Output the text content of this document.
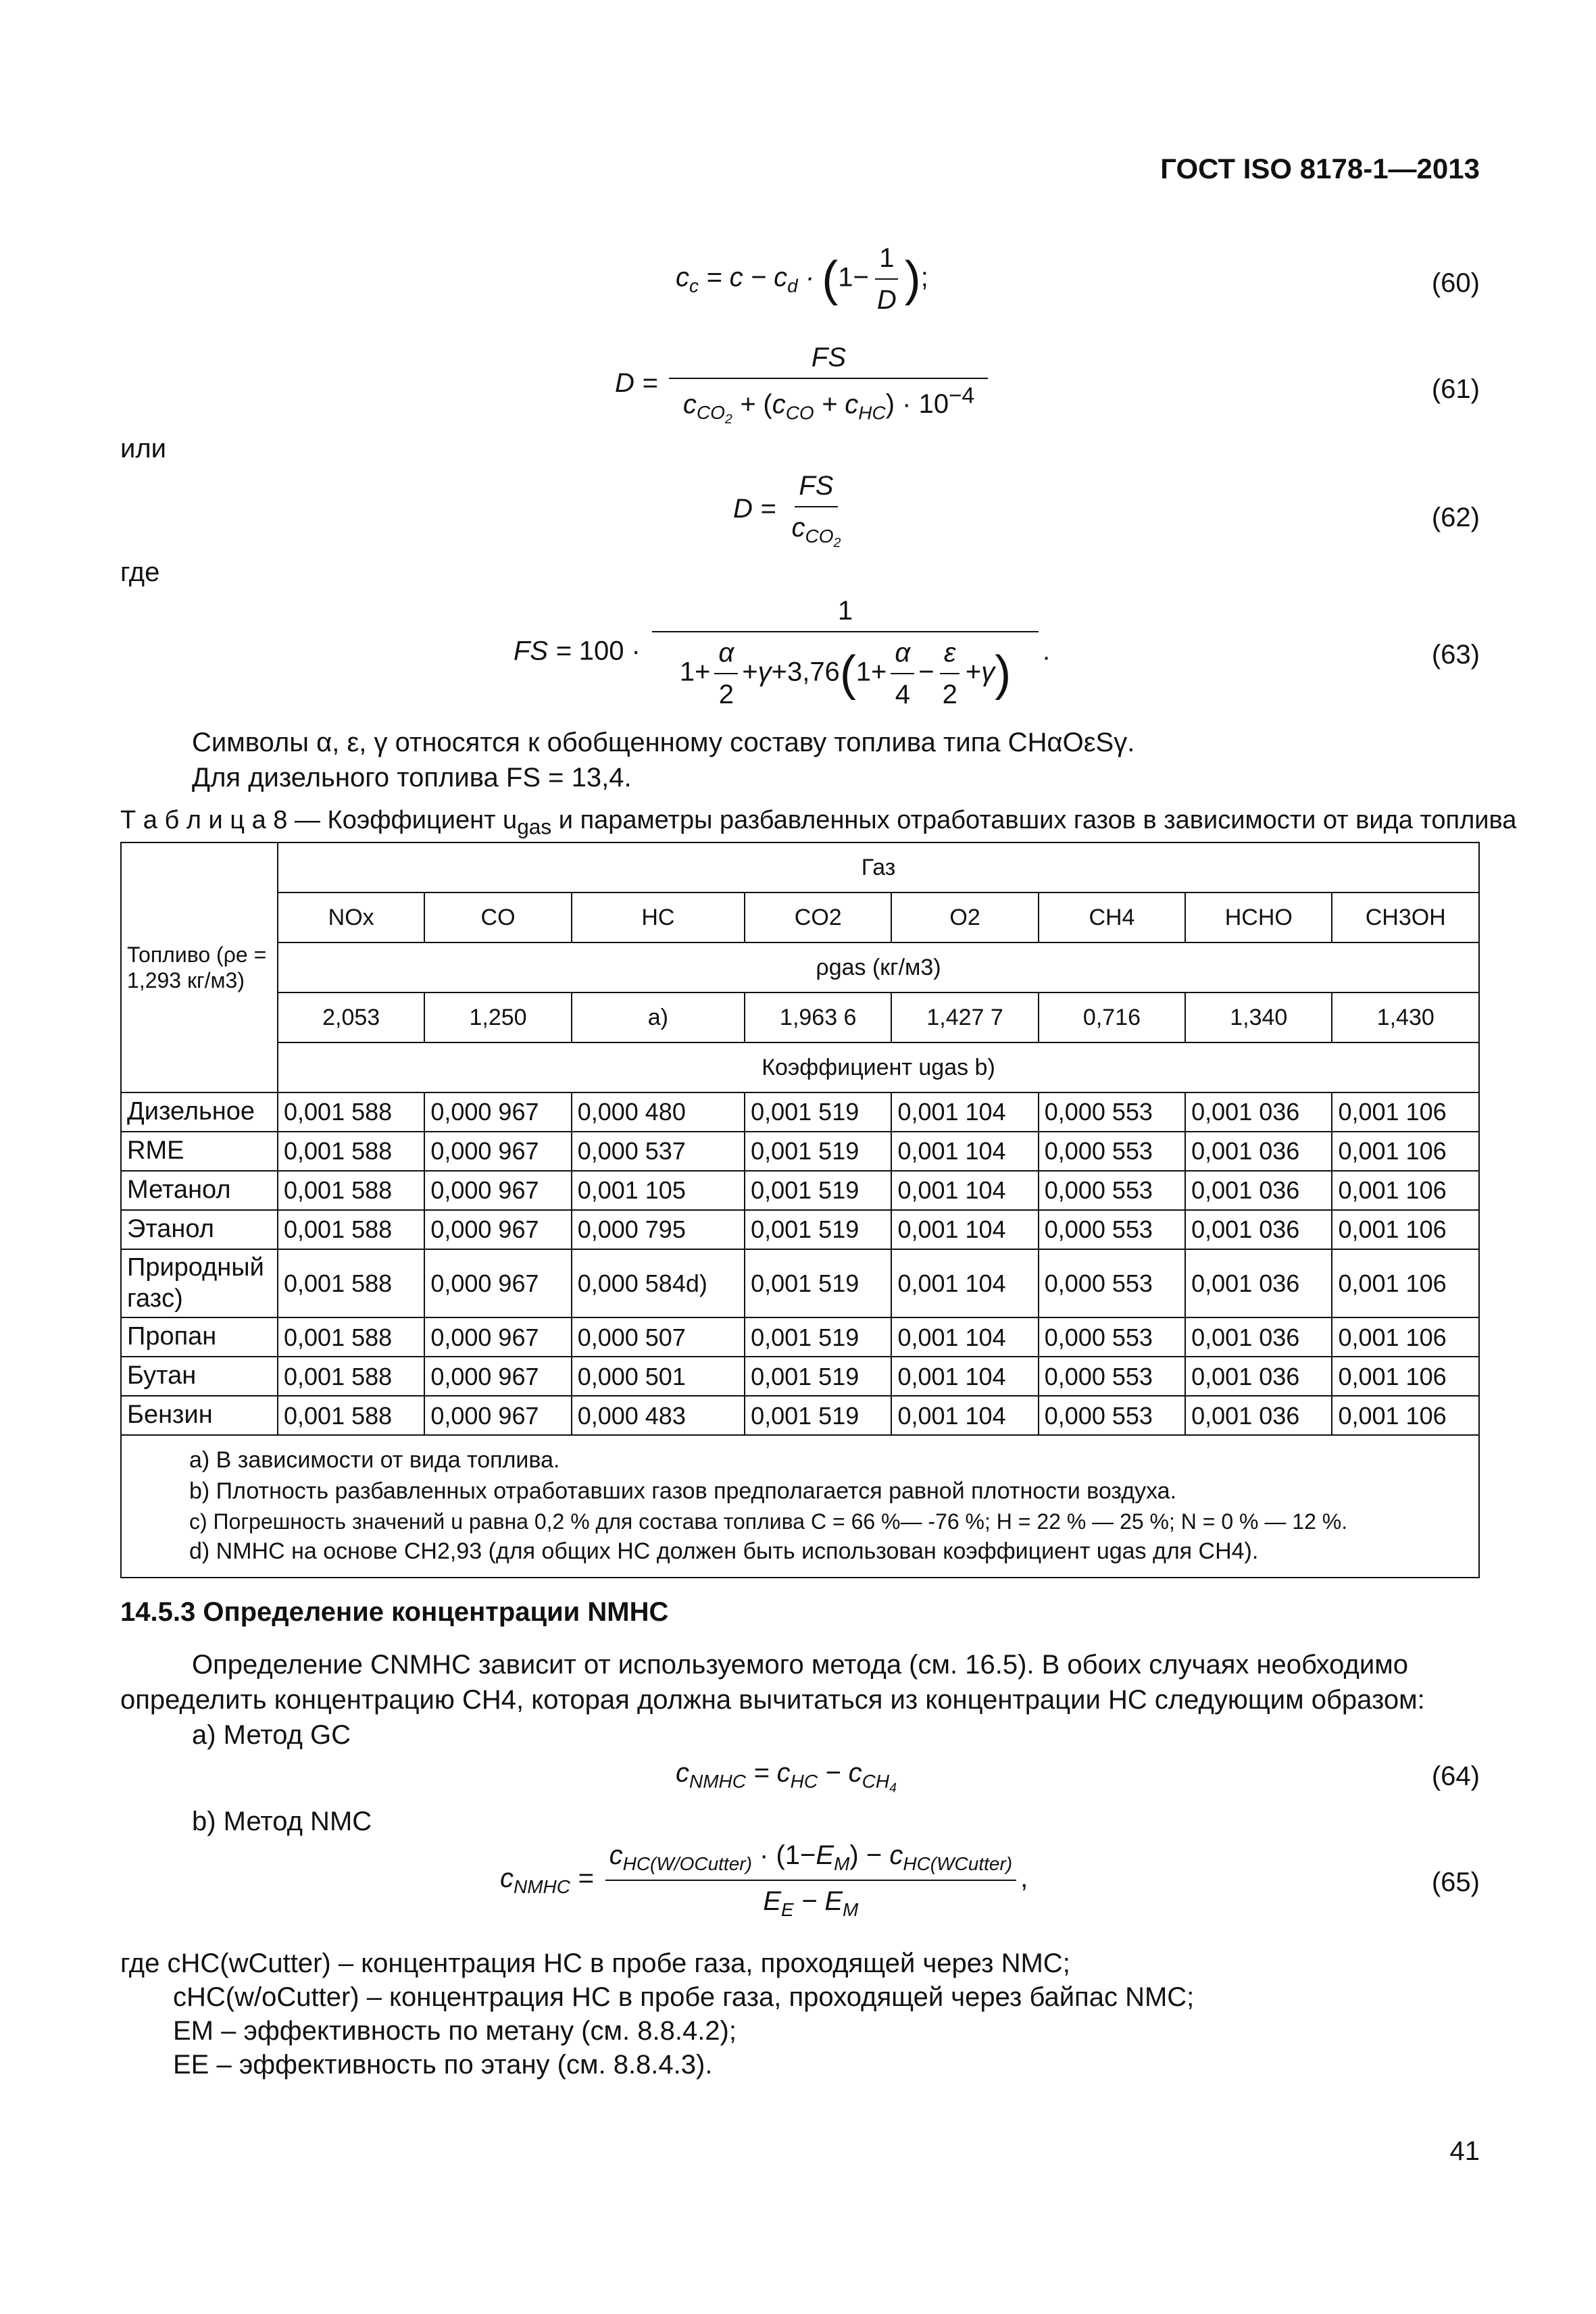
ГОСТ ISO 8178-1—2013
$c_c = c - c_d \cdot (1- \frac{1}{D}$ );	(60)
$D = \frac{FS}{c_{CO_2} + (c_{CO} + c_{HC}) \cdot 10^{-4}}$	(61)
или
$D = \frac{FS}{c_{CO_2}}$	(62)
где
FS = $100 \cdot \frac{1}{1+ \frac{\alpha}{2} +\gamma+3,76(1+ \frac{\alpha}{4} - \frac{\varepsilon}{2} +\gamma)}$ .	(63)
Символы α, ε, γ относятся к обобщенному составу топлива типа CHαOεSγ.
Для дизельного топлива FS = 13,4.
Т а б л и ц а 8 — Коэффициент $u_{gas}$ и параметры разбавленных отработавших газов в зависимости от вида топлива
Топливо (ρe = 1,293 кг/м3)	Газ							
	NOx	CO	HC	CO2	O2	CH4	HCHO	CH3OH
	ρgas (кг/м3)							
	2,053	1,250	a)	1,963 6	1,427 7	0,716	1,340	1,430
	Коэффициент ugas b)							
Дизельное	0,001 588	0,000 967	0,000 480	0,001 519	0,001 104	0,000 553	0,001 036	0,001 106
RME	0,001 588	0,000 967	0,000 537	0,001 519	0,001 104	0,000 553	0,001 036	0,001 106
Метанол	0,001 588	0,000 967	0,001 105	0,001 519	0,001 104	0,000 553	0,001 036	0,001 106
Этанол	0,001 588	0,000 967	0,000 795	0,001 519	0,001 104	0,000 553	0,001 036	0,001 106
Природный газc)	0,001 588	0,000 967	0,000 584d)	0,001 519	0,001 104	0,000 553	0,001 036	0,001 106
Пропан	0,001 588	0,000 967	0,000 507	0,001 519	0,001 104	0,000 553	0,001 036	0,001 106
Бутан	0,001 588	0,000 967	0,000 501	0,001 519	0,001 104	0,000 553	0,001 036	0,001 106
Бензин	0,001 588	0,000 967	0,000 483	0,001 519	0,001 104	0,000 553	0,001 036	0,001 106

a) В зависимости от вида топлива.
b) Плотность разбавленных отработавших газов предполагается равной плотности воздуха.
c) Погрешность значений u равна 0,2 % для состава топлива C = 66 %— -76 %; H = 22 % — 25 %; N = 0 % — 12 %.
d) NMHC на основе CH2,93 (для общих HC должен быть использован коэффициент ugas для CH4).								
14.5.3 Определение концентрации NMHC
Определение CNMHC зависит от используемого метода (см. 16.5). В обоих случаях необходимо
определить концентрацию CH4, которая должна вычитаться из концентрации HC следующим образом:
а) Метод GC
$c_{NMHC} = c_{HC} - c_{CH_4}$	(64)
b) Метод NMC
$c_{NMHC} = \frac{c_{HC(W/OCutter)} \cdot (1-E_M) - c_{HC(WCutter)}}{E_E - E_M}$ ,	(65)
где cHC(wCutter) – концентрация HC в пробе газа, проходящей через NMC;
cHC(w/oCutter) – концентрация HC в пробе газа, проходящей через байпас NMC;
EM – эффективность по метану (см. 8.8.4.2);
EE – эффективность по этану (см. 8.8.4.3).
41
